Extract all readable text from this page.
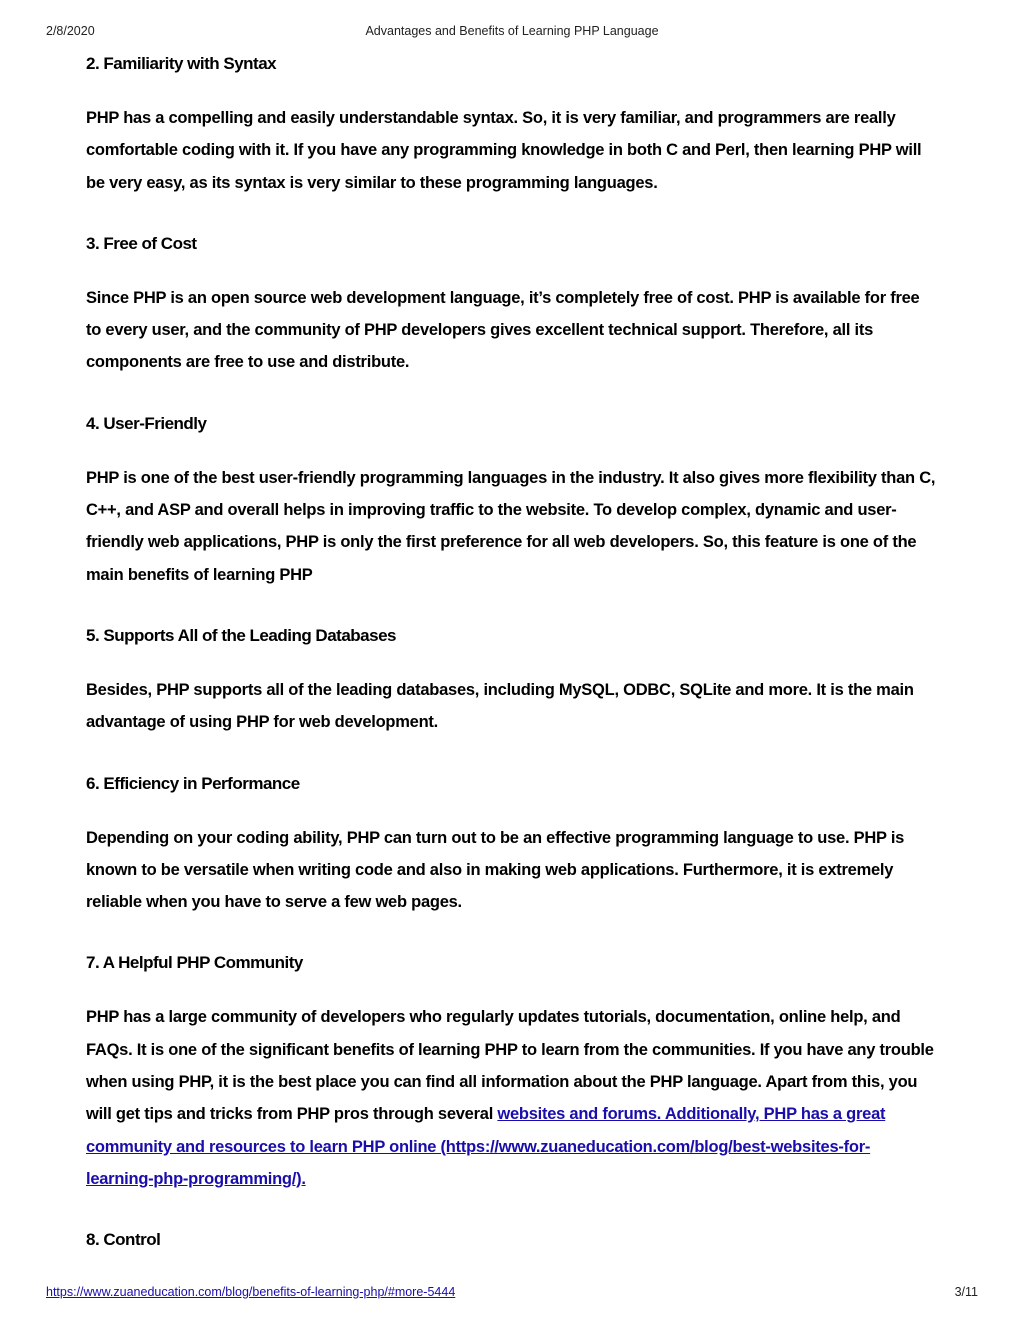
2/8/2020	Advantages and Benefits of Learning PHP Language
2. Familiarity with Syntax

PHP has a compelling and easily understandable syntax. So, it is very familiar, and programmers are really comfortable coding with it. If you have any programming knowledge in both C and Perl, then learning PHP will be very easy, as its syntax is very similar to these programming languages.

3. Free of Cost

Since PHP is an open source web development language, it’s completely free of cost. PHP is available for free to every user, and the community of PHP developers gives excellent technical support. Therefore, all its components are free to use and distribute.

4. User-Friendly

PHP is one of the best user-friendly programming languages in the industry. It also gives more flexibility than C, C++, and ASP and overall helps in improving traffic to the website. To develop complex, dynamic and user-friendly web applications, PHP is only the first preference for all web developers. So, this feature is one of the main benefits of learning PHP

5. Supports All of the Leading Databases

Besides, PHP supports all of the leading databases, including MySQL, ODBC, SQLite and more. It is the main advantage of using PHP for web development.

6. Efficiency in Performance

Depending on your coding ability, PHP can turn out to be an effective programming language to use. PHP is known to be versatile when writing code and also in making web applications. Furthermore, it is extremely reliable when you have to serve a few web pages.

7. A Helpful PHP Community

PHP has a large community of developers who regularly updates tutorials, documentation, online help, and FAQs. It is one of the significant benefits of learning PHP to learn from the communities. If you have any trouble when using PHP, it is the best place you can find all information about the PHP language. Apart from this, you will get tips and tricks from PHP pros through several websites and forums. Additionally, PHP has a great community and resources to learn PHP online (https://www.zuaneducation.com/blog/best-websites-for-learning-php-programming/).

8. Control
https://www.zuaneducation.com/blog/benefits-of-learning-php/#more-5444	3/11
